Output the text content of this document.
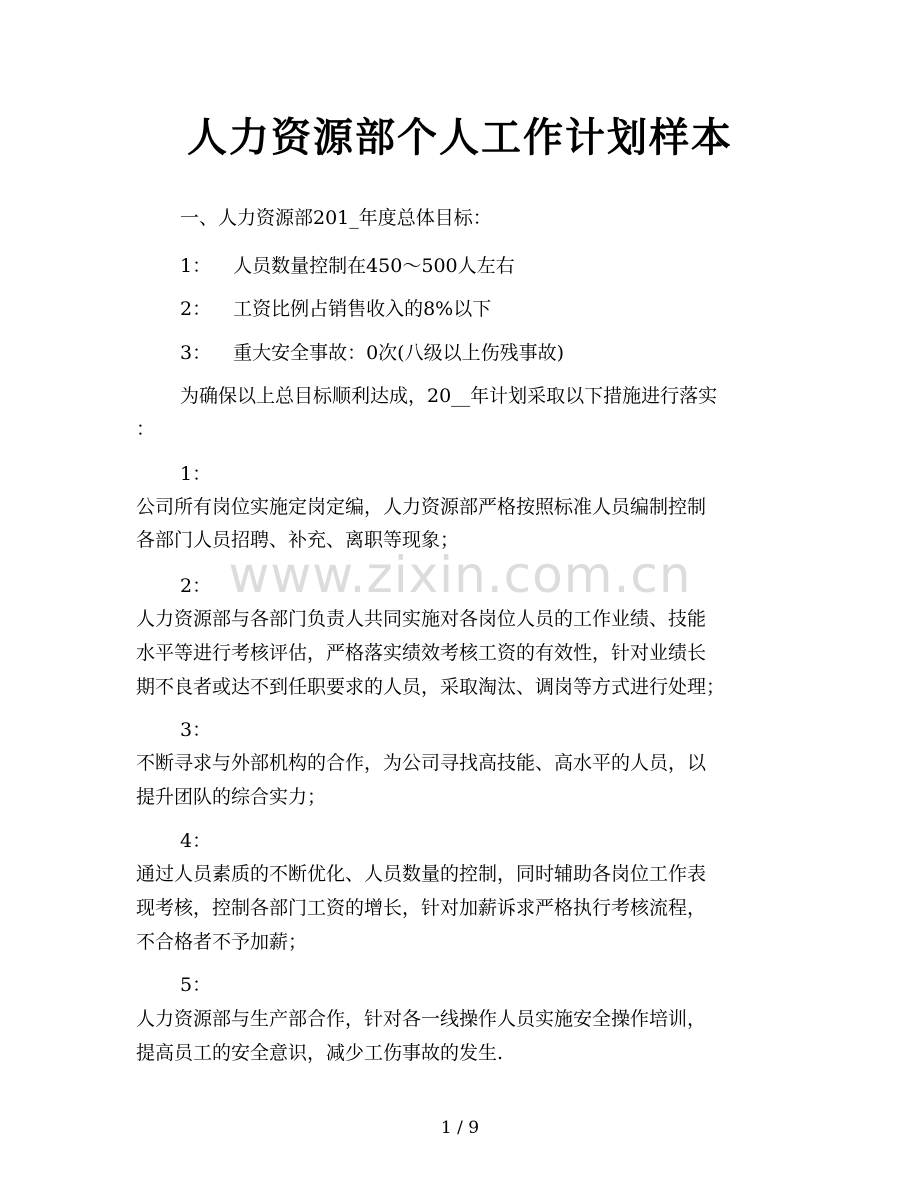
www.zixin.com.cn
人力资源部个人工作计划样本
一、人力资源部201_年度总体目标：
1： 人员数量控制在450～500人左右
2： 工资比例占销售收入的8%以下
3： 重大安全事故：0次(八级以上伤残事故)
为确保以上总目标顺利达成，20__年计划采取以下措施进行落实
：
1：
公司所有岗位实施定岗定编，人力资源部严格按照标准人员编制控制
各部门人员招聘、补充、离职等现象；
2：
人力资源部与各部门负责人共同实施对各岗位人员的工作业绩、技能
水平等进行考核评估，严格落实绩效考核工资的有效性，针对业绩长
期不良者或达不到任职要求的人员，采取淘汰、调岗等方式进行处理；
3：
不断寻求与外部机构的合作，为公司寻找高技能、高水平的人员，以
提升团队的综合实力；
4：
通过人员素质的不断优化、人员数量的控制，同时辅助各岗位工作表
现考核，控制各部门工资的增长，针对加薪诉求严格执行考核流程，
不合格者不予加薪；
5：
人力资源部与生产部合作，针对各一线操作人员实施安全操作培训，
提高员工的安全意识，减少工伤事故的发生.
1 / 9
